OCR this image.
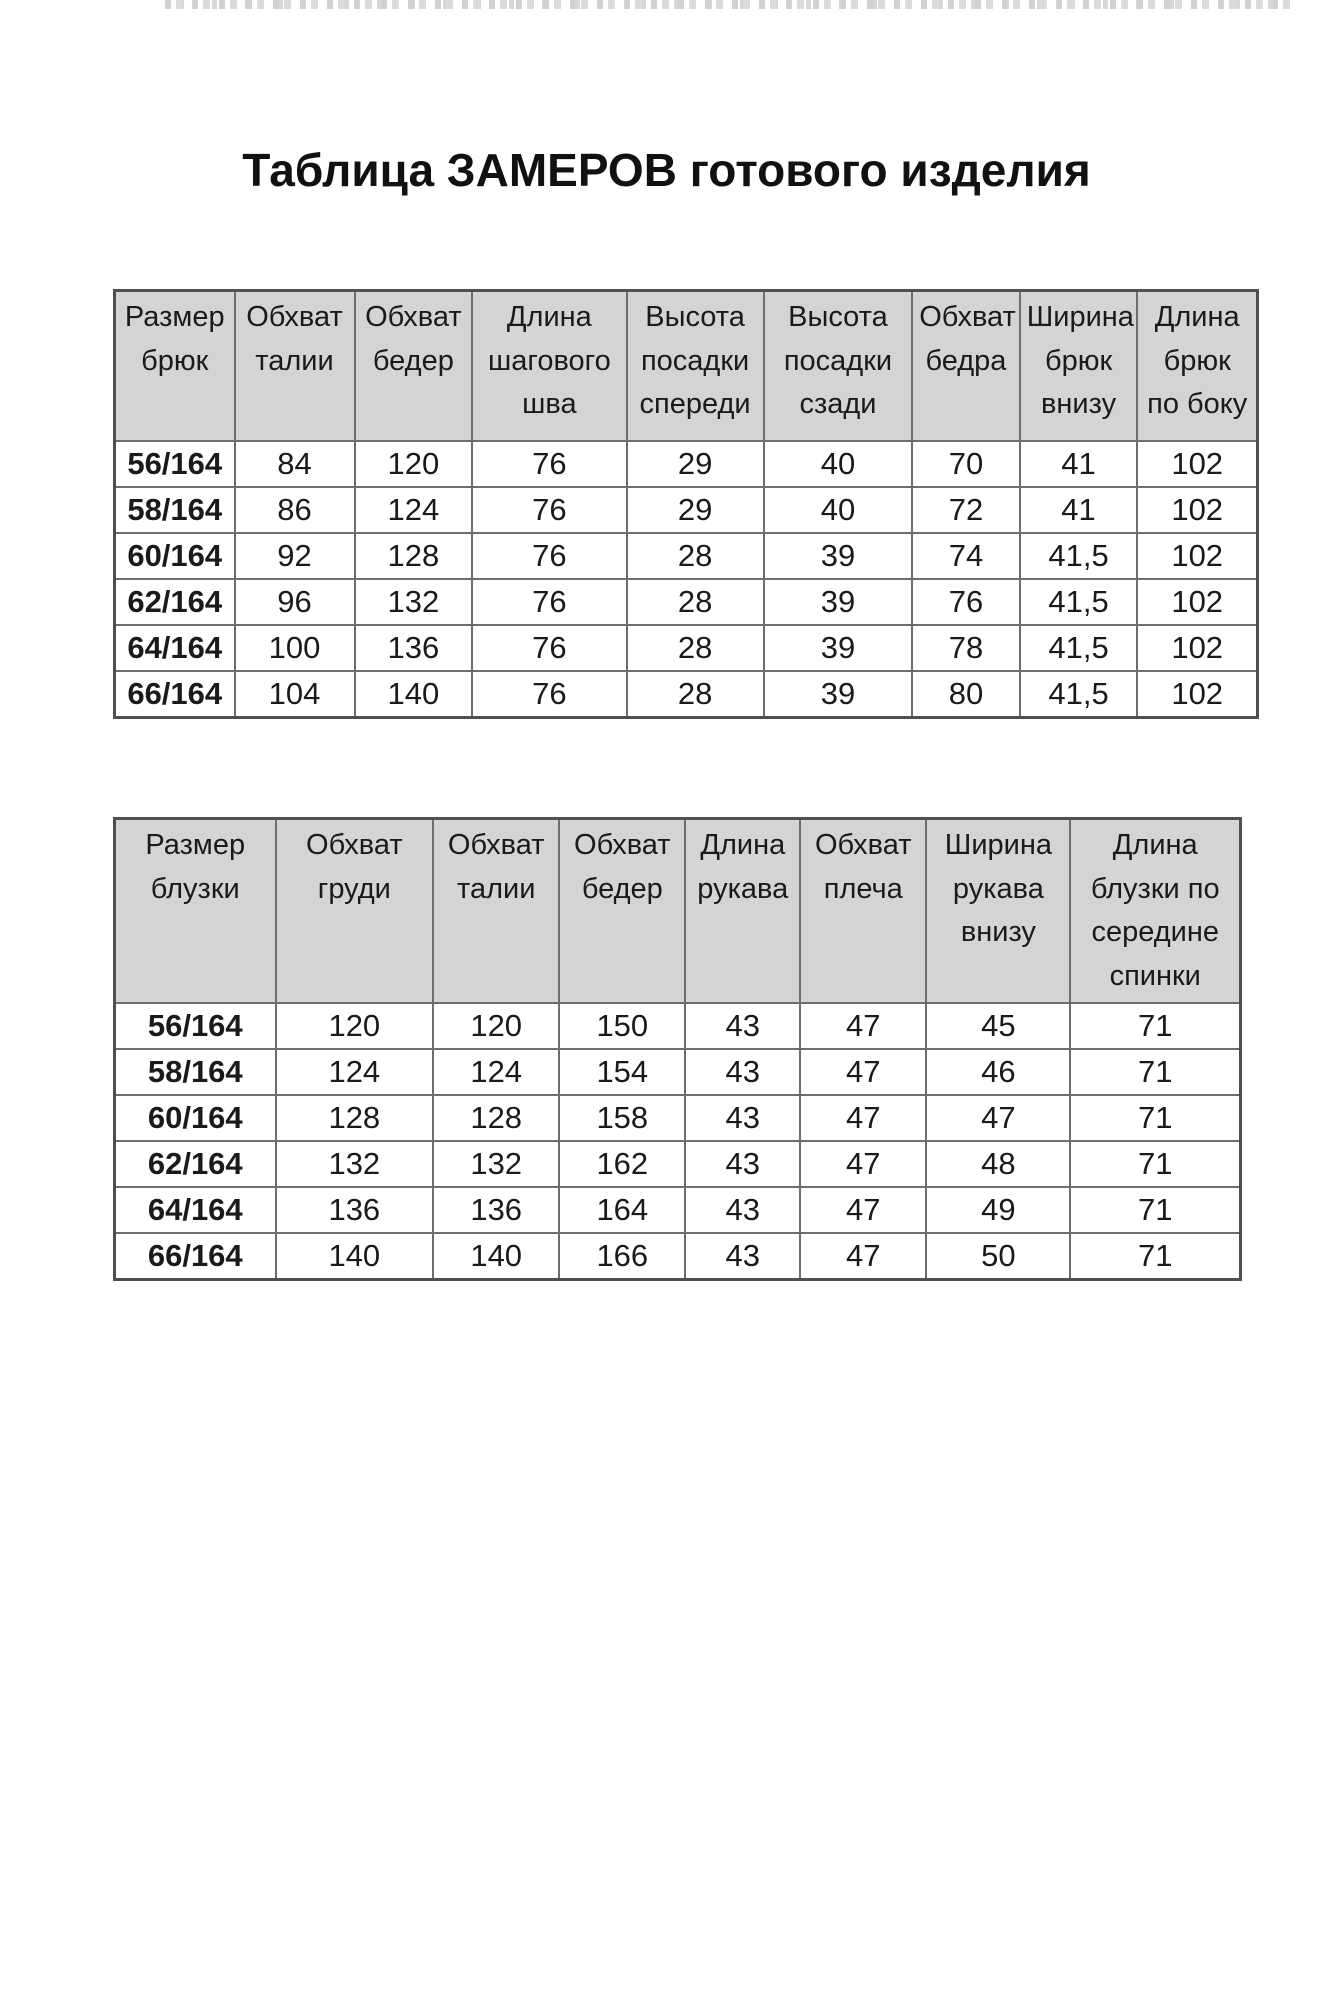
Таблица ЗАМЕРОВ готового изделия
Размер брюк	Обхват талии	Обхват бедер	Длина шагового шва	Высота посадки спереди	Высота посадки сзади	Обхват бедра	Ширина брюк внизу	Длина брюк по боку
56/164	84	120	76	29	40	70	41	102
58/164	86	124	76	29	40	72	41	102
60/164	92	128	76	28	39	74	41,5	102
62/164	96	132	76	28	39	76	41,5	102
64/164	100	136	76	28	39	78	41,5	102
66/164	104	140	76	28	39	80	41,5	102
Размер блузки	Обхват груди	Обхват талии	Обхват бедер	Длина рукава	Обхват плеча	Ширина рукава внизу	Длина блузки по середине спинки
56/164	120	120	150	43	47	45	71
58/164	124	124	154	43	47	46	71
60/164	128	128	158	43	47	47	71
62/164	132	132	162	43	47	48	71
64/164	136	136	164	43	47	49	71
66/164	140	140	166	43	47	50	71
